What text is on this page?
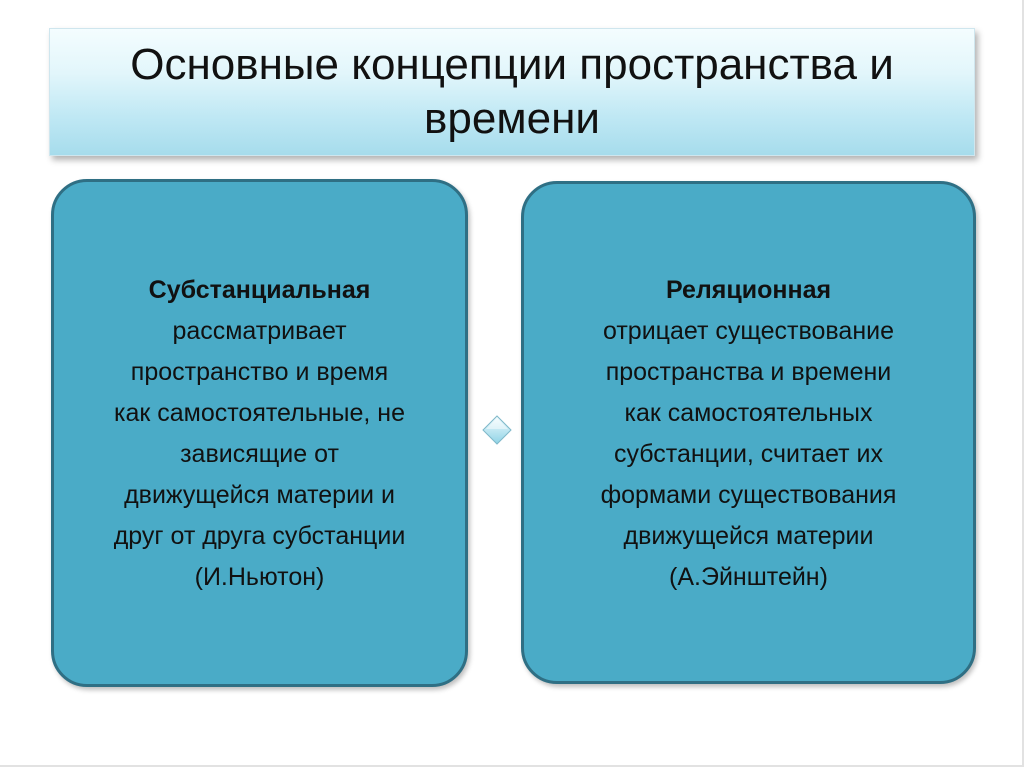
Основные концепции пространства и времени
Субстанциальная
рассматривает
пространство и время
как самостоятельные, не
зависящие от
движущейся материи и
друг от друга субстанции
(И.Ньютон)
Реляционная
отрицает существование
пространства и времени
как самостоятельных
субстанции, считает их
формами существования
движущейся материи
(А.Эйнштейн)
